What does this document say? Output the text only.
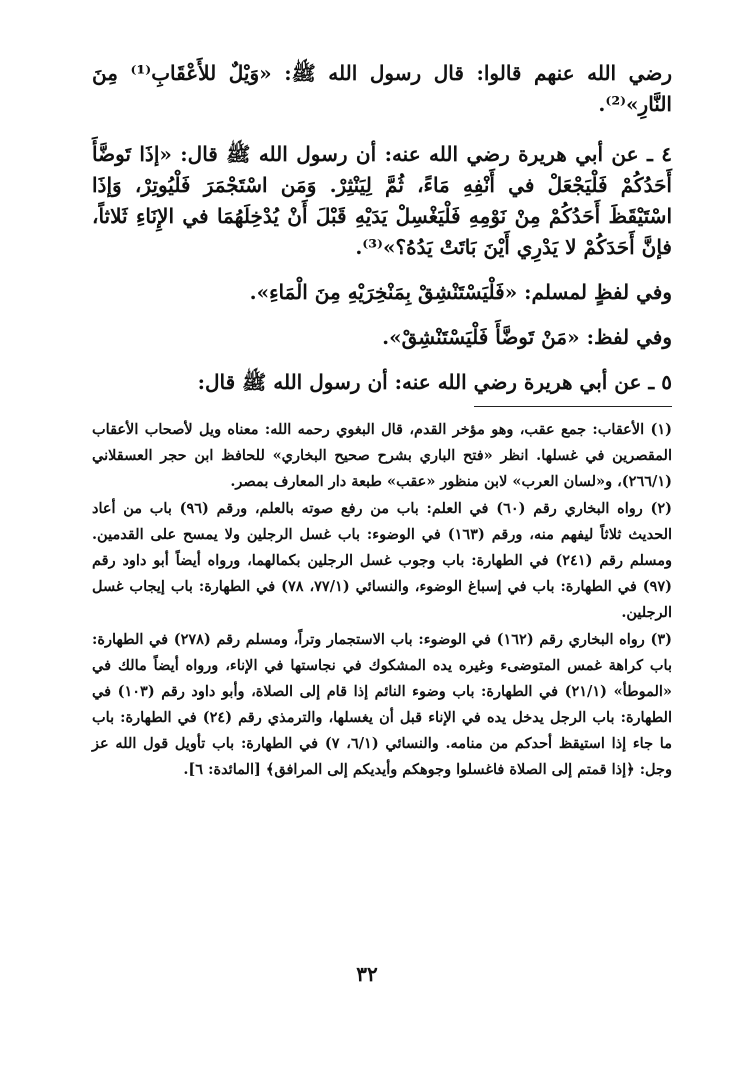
رضي الله عنهم قالوا: قال رسول الله ﷺ: «وَيْلٌ للأَعْقَابِ⁽¹⁾ مِنَ النَّارِ»⁽²⁾.

٤ ـ عن أبي هريرة رضي الله عنه: أن رسول الله ﷺ قال: «إذَا تَوضَّأَ أَحَدُكُمْ فَلْيَجْعَلْ في أَنْفِهِ مَاءً، ثُمَّ لِيَنْثِرْ. وَمَن اسْتَجْمَرَ فَلْيُوتِرْ، وَإذَا اسْتَيْقَظَ أَحَدُكُمْ مِنْ نَوْمِهِ فَلْيَغْسِلْ يَدَيْهِ قَبْلَ أَنْ يُدْخِلَهُمَا في الإِنَاءِ ثَلاثاً، فإنَّ أَحَدَكُمْ لا يَدْرِي أَيْنَ بَاتَتْ يَدُهُ؟»⁽³⁾.

وفي لفظٍ لمسلم: «فَلْيَسْتَنْشِقْ بِمَنْخِرَيْهِ مِنَ الْمَاءِ».

وفي لفظ: «مَنْ تَوضَّأَ فَلْيَسْتَنْشِقْ».

٥ ـ عن أبي هريرة رضي الله عنه: أن رسول الله ﷺ قال:

(١) الأعقاب: جمع عقب، وهو مؤخر القدم، قال البغوي رحمه الله: معناه ويل لأصحاب الأعقاب المقصرين في غسلها. انظر «فتح الباري بشرح صحيح البخاري» للحافظ ابن حجر العسقلاني (٢٦٦/١)، و«لسان العرب» لابن منظور «عقب» طبعة دار المعارف بمصر.

(٢) رواه البخاري رقم (٦٠) في العلم: باب من رفع صوته بالعلم، ورقم (٩٦) باب من أعاد الحديث ثلاثاً ليفهم منه، ورقم (١٦٣) في الوضوء: باب غسل الرجلين ولا يمسح على القدمين. ومسلم رقم (٢٤١) في الطهارة: باب وجوب غسل الرجلين بكمالهما، ورواه أيضاً أبو داود رقم (٩٧) في الطهارة: باب في إسباغ الوضوء، والنسائي (٧٧/١، ٧٨) في الطهارة: باب إيجاب غسل الرجلين.

(٣) رواه البخاري رقم (١٦٢) في الوضوء: باب الاستجمار وتراً، ومسلم رقم (٢٧٨) في الطهارة: باب كراهة غمس المتوضىء وغيره يده المشكوك في نجاستها في الإناء، ورواه أيضاً مالك في «الموطأ» (٢١/١) في الطهارة: باب وضوء النائم إذا قام إلى الصلاة، وأبو داود رقم (١٠٣) في الطهارة: باب الرجل يدخل يده في الإناء قبل أن يغسلها، والترمذي رقم (٢٤) في الطهارة: باب ما جاء إذا استيقظ أحدكم من منامه. والنسائي (٦/١، ٧) في الطهارة: باب تأويل قول الله عز وجل: ﴿إذا قمتم إلى الصلاة فاغسلوا وجوهكم وأيديكم إلى المرافق﴾ [المائدة: ٦].

٣٢
